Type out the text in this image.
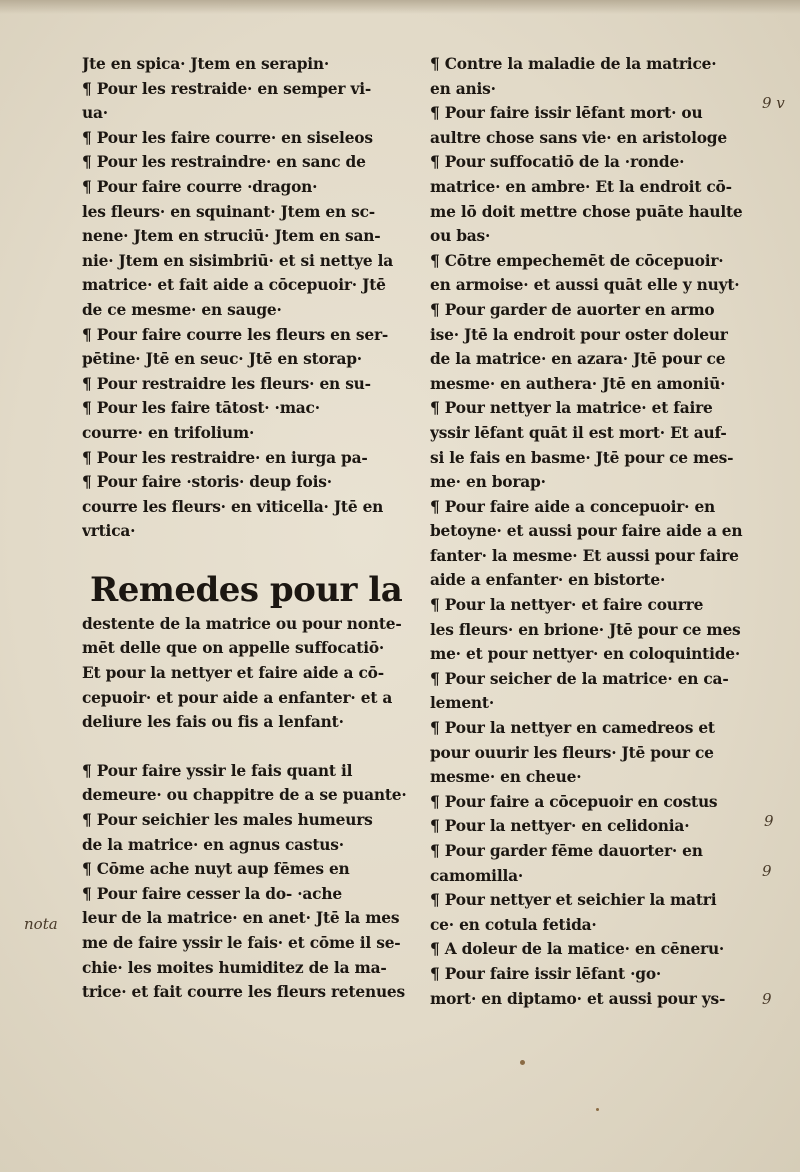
Jte en spica· Jtem en serapin·
¶ Pour les restraide· en semper vi-
ua·
¶ Pour les faire courre· en siseleos
¶ Pour les restraindre· en sanc de
¶ Pour faire courre ·dragon·
les fleurs· en squinant· Jtem en sc-
nene· Jtem en struciū· Jtem en san-
nie· Jtem en sisimbriū· et si nettye la
matrice· et fait aide a cōcepuoir· Jtē
de ce mesme· en sauge·
¶ Pour faire courre les fleurs en ser-
pētine· Jtē en seuc· Jtē en storap·
¶ Pour restraidre les fleurs· en su-
¶ Pour les faire tātost· ·mac·
courre· en trifolium·
¶ Pour les restraidre· en iurga pa-
¶ Pour faire ·storis· deup fois·
courre les fleurs· en viticella· Jtē en
vrtica·
Remedes pour la
destente de la matrice ou pour nonte-
mēt delle que on appelle suffocatiō·
Et pour la nettyer et faire aide a cō-
cepuoir· et pour aide a enfanter· et a
deliure les fais ou fis a lenfant·
¶ Pour faire yssir le fais quant il
demeure· ou chappitre de a se puante·
¶ Pour seichier les males humeurs
de la matrice· en agnus castus·
¶ Cōme ache nuyt aup fēmes en
¶ Pour faire cesser la do- ·ache
leur de la matrice· en anet· Jtē la mes
me de faire yssir le fais· et cōme il se-
chie· les moites humiditez de la ma-
trice· et fait courre les fleurs retenues
¶ Contre la maladie de la matrice·
en anis·
¶ Pour faire issir lēfant mort· ou
aultre chose sans vie· en aristologe
¶ Pour suffocatiō de la ·ronde·
matrice· en ambre· Et la endroit cō-
me lō doit mettre chose puāte haulte
ou bas·
¶ Cōtre empechemēt de cōcepuoir·
en armoise· et aussi quāt elle y nuyt·
¶ Pour garder de auorter en armo
ise· Jtē la endroit pour oster doleur
de la matrice· en azara· Jtē pour ce
mesme· en authera· Jtē en amoniū·
¶ Pour nettyer la matrice· et faire
yssir lēfant quāt il est mort· Et auf-
si le fais en basme· Jtē pour ce mes-
me· en borap·
¶ Pour faire aide a concepuoir· en
betoyne· et aussi pour faire aide a en
fanter· la mesme· Et aussi pour faire
aide a enfanter· en bistorte·
¶ Pour la nettyer· et faire courre
les fleurs· en brione· Jtē pour ce mes
me· et pour nettyer· en coloquintide·
¶ Pour seicher de la matrice· en ca-
lement·
¶ Pour la nettyer en camedreos et
pour ouurir les fleurs· Jtē pour ce
mesme· en cheue·
¶ Pour faire a cōcepuoir en costus
¶ Pour la nettyer· en celidonia·
¶ Pour garder fēme dauorter· en
camomilla·
¶ Pour nettyer et seichier la matri
ce· en cotula fetida·
¶ A doleur de la matice· en cēneru·
¶ Pour faire issir lēfant ·go·
mort· en diptamo· et aussi pour ys-
9 v
9
9
9
nota
